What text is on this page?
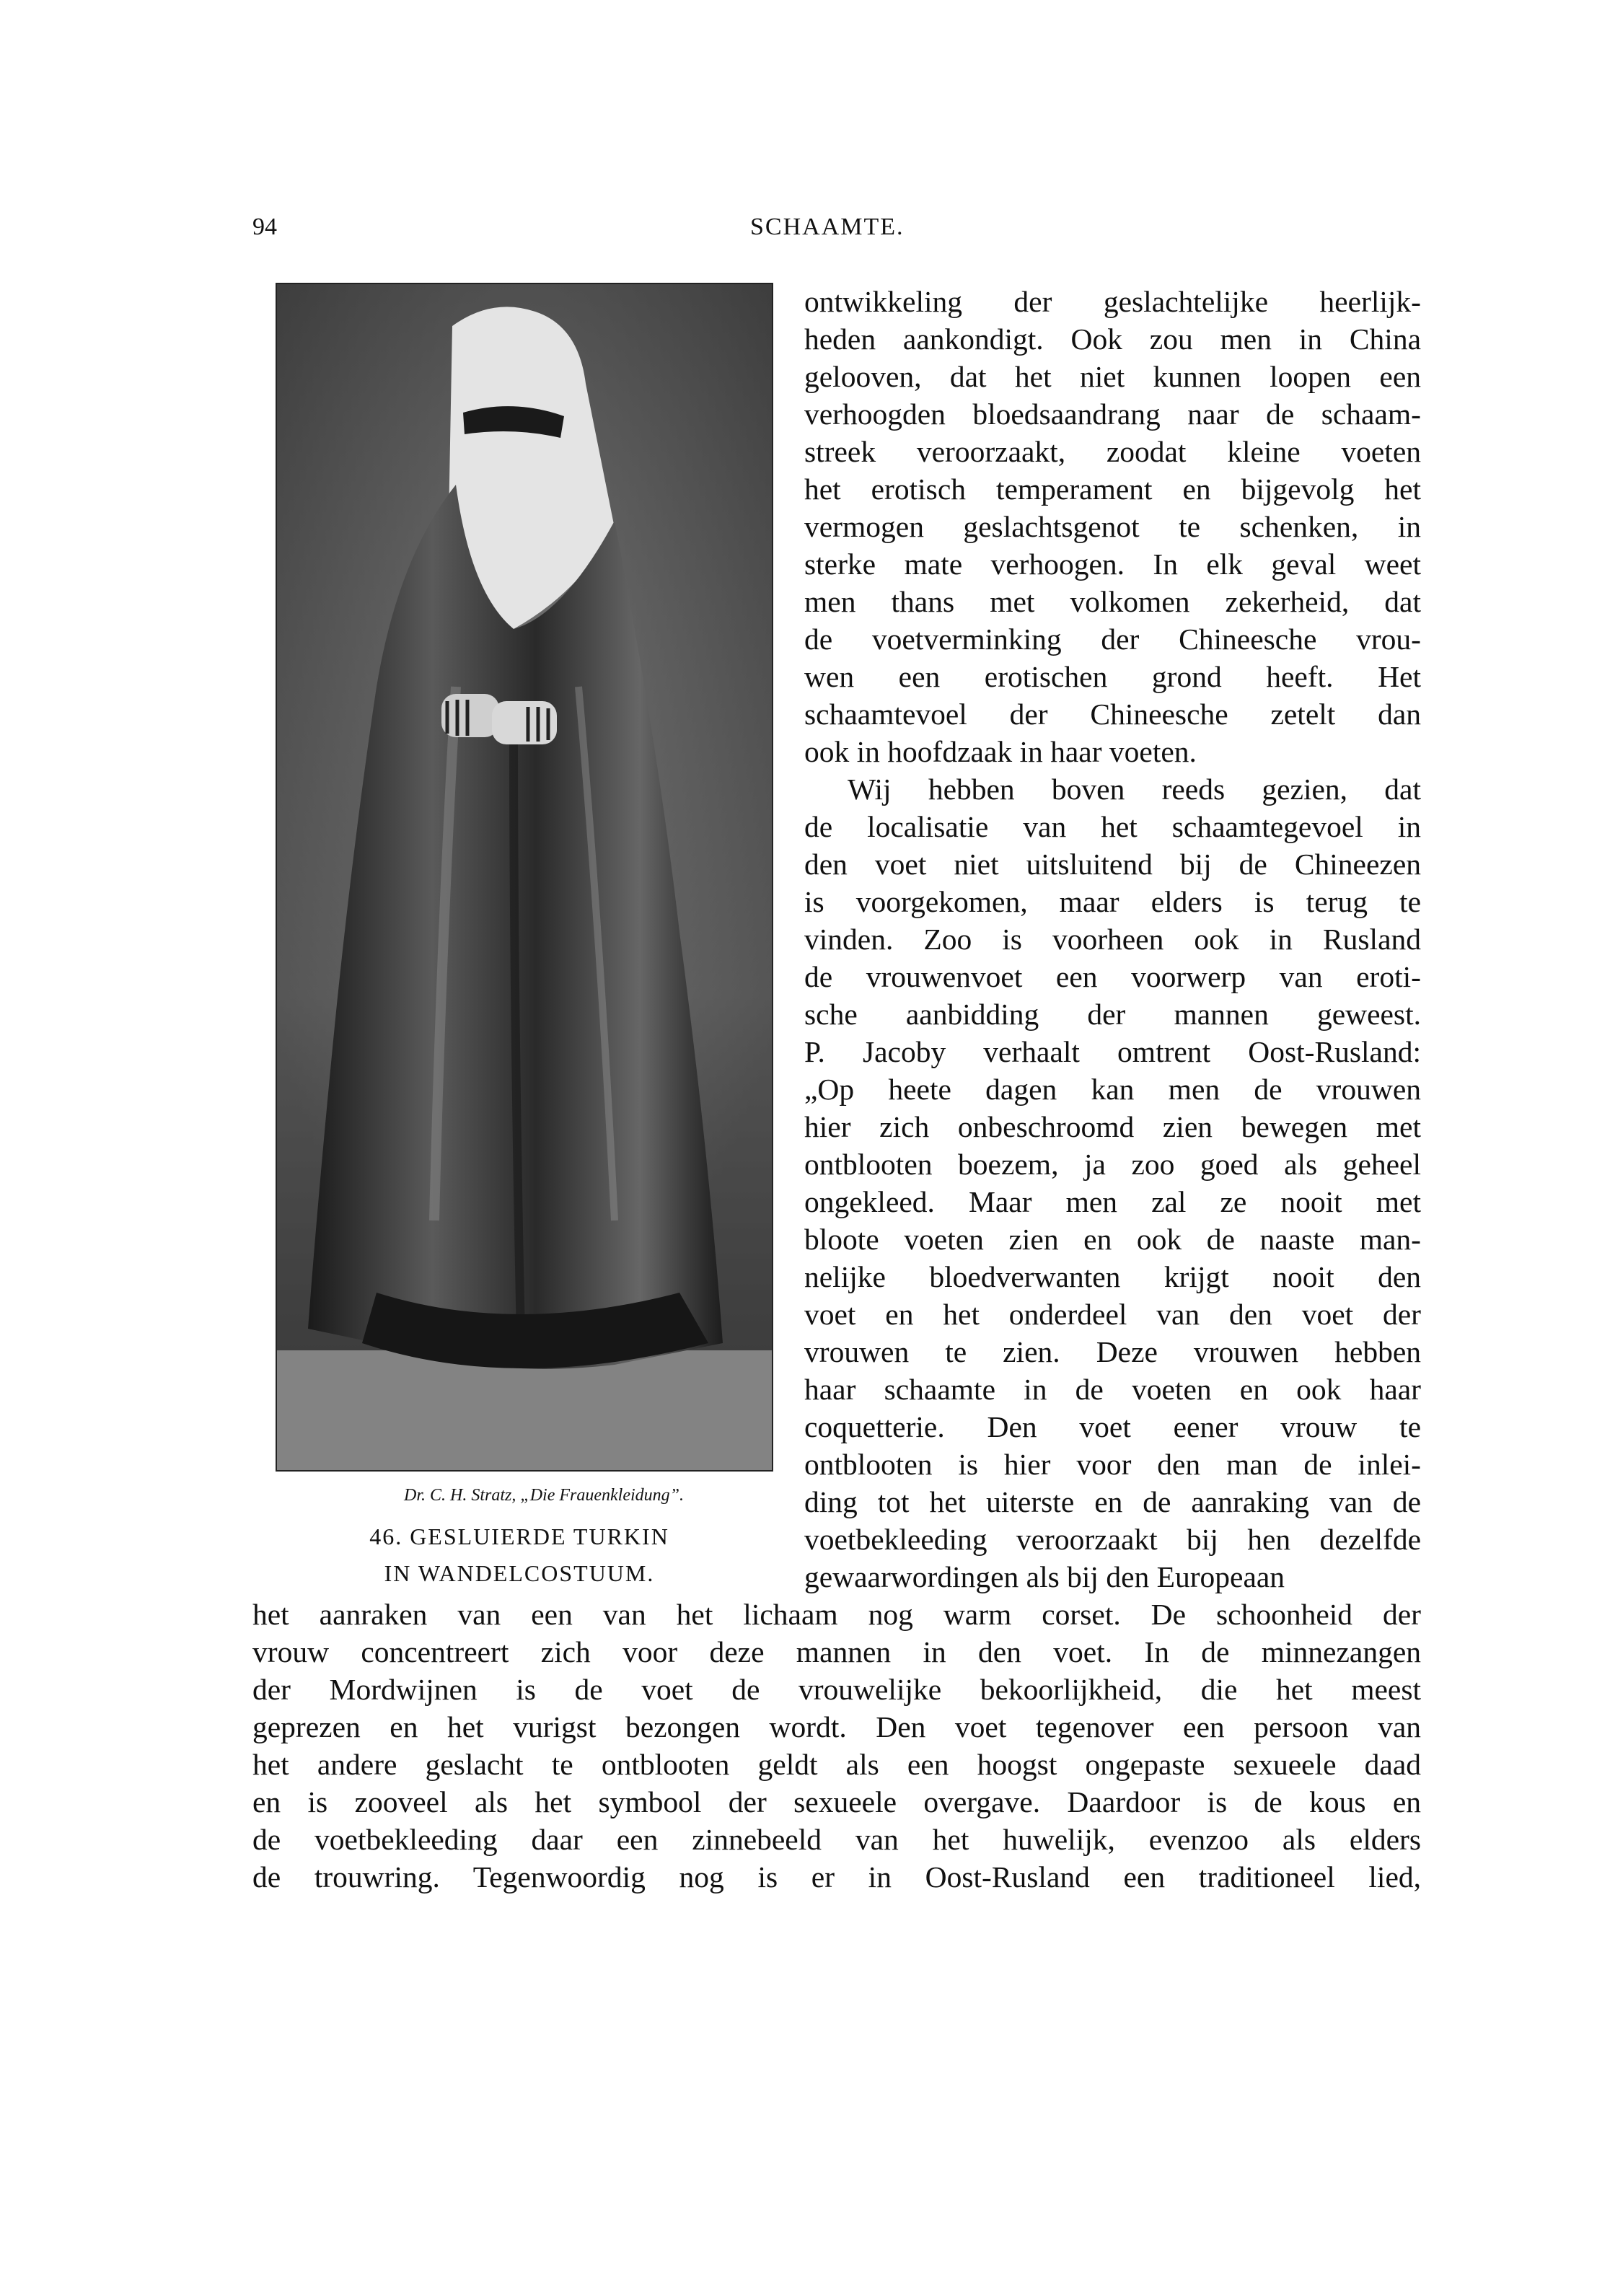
94	SCHAAMTE.
Dr. C. H. Stratz, „Die Frauenkleidung”.
46. GESLUIERDE TURKIN
IN WANDELCOSTUUM.
ontwikkeling der geslachtelijke heerlijk-
heden aankondigt. Ook zou men in China
gelooven, dat het niet kunnen loopen een
verhoogden bloedsaandrang naar de schaam-
streek veroorzaakt, zoodat kleine voeten
het erotisch temperament en bijgevolg het
vermogen geslachtsgenot te schenken, in
sterke mate verhoogen. In elk geval weet
men thans met volkomen zekerheid, dat
de voetverminking der Chineesche vrou-
wen een erotischen grond heeft. Het
schaamtevoel der Chineesche zetelt dan
ook in hoofdzaak in haar voeten.
Wij hebben boven reeds gezien, dat
de localisatie van het schaamtegevoel in
den voet niet uitsluitend bij de Chineezen
is voorgekomen, maar elders is terug te
vinden. Zoo is voorheen ook in Rusland
de vrouwenvoet een voorwerp van eroti-
sche aanbidding der mannen geweest.
P. Jacoby verhaalt omtrent Oost-Rusland:
„Op heete dagen kan men de vrouwen
hier zich onbeschroomd zien bewegen met
ontblooten boezem, ja zoo goed als geheel
ongekleed. Maar men zal ze nooit met
bloote voeten zien en ook de naaste man-
nelijke bloedverwanten krijgt nooit den
voet en het onderdeel van den voet der
vrouwen te zien. Deze vrouwen hebben
haar schaamte in de voeten en ook haar
coquetterie. Den voet eener vrouw te
ontblooten is hier voor den man de inlei-
ding tot het uiterste en de aanraking van de
voetbekleeding veroorzaakt bij hen dezelfde
gewaarwordingen als bij den Europeaan
het aanraken van een van het lichaam nog warm corset. De schoonheid der
vrouw concentreert zich voor deze mannen in den voet. In de minnezangen
der Mordwijnen is de voet de vrouwelijke bekoorlijkheid, die het meest
geprezen en het vurigst bezongen wordt. Den voet tegenover een persoon van
het andere geslacht te ontblooten geldt als een hoogst ongepaste sexueele daad
en is zooveel als het symbool der sexueele overgave. Daardoor is de kous en
de voetbekleeding daar een zinnebeeld van het huwelijk, evenzoo als elders
de trouwring. Tegenwoordig nog is er in Oost-Rusland een traditioneel lied,
